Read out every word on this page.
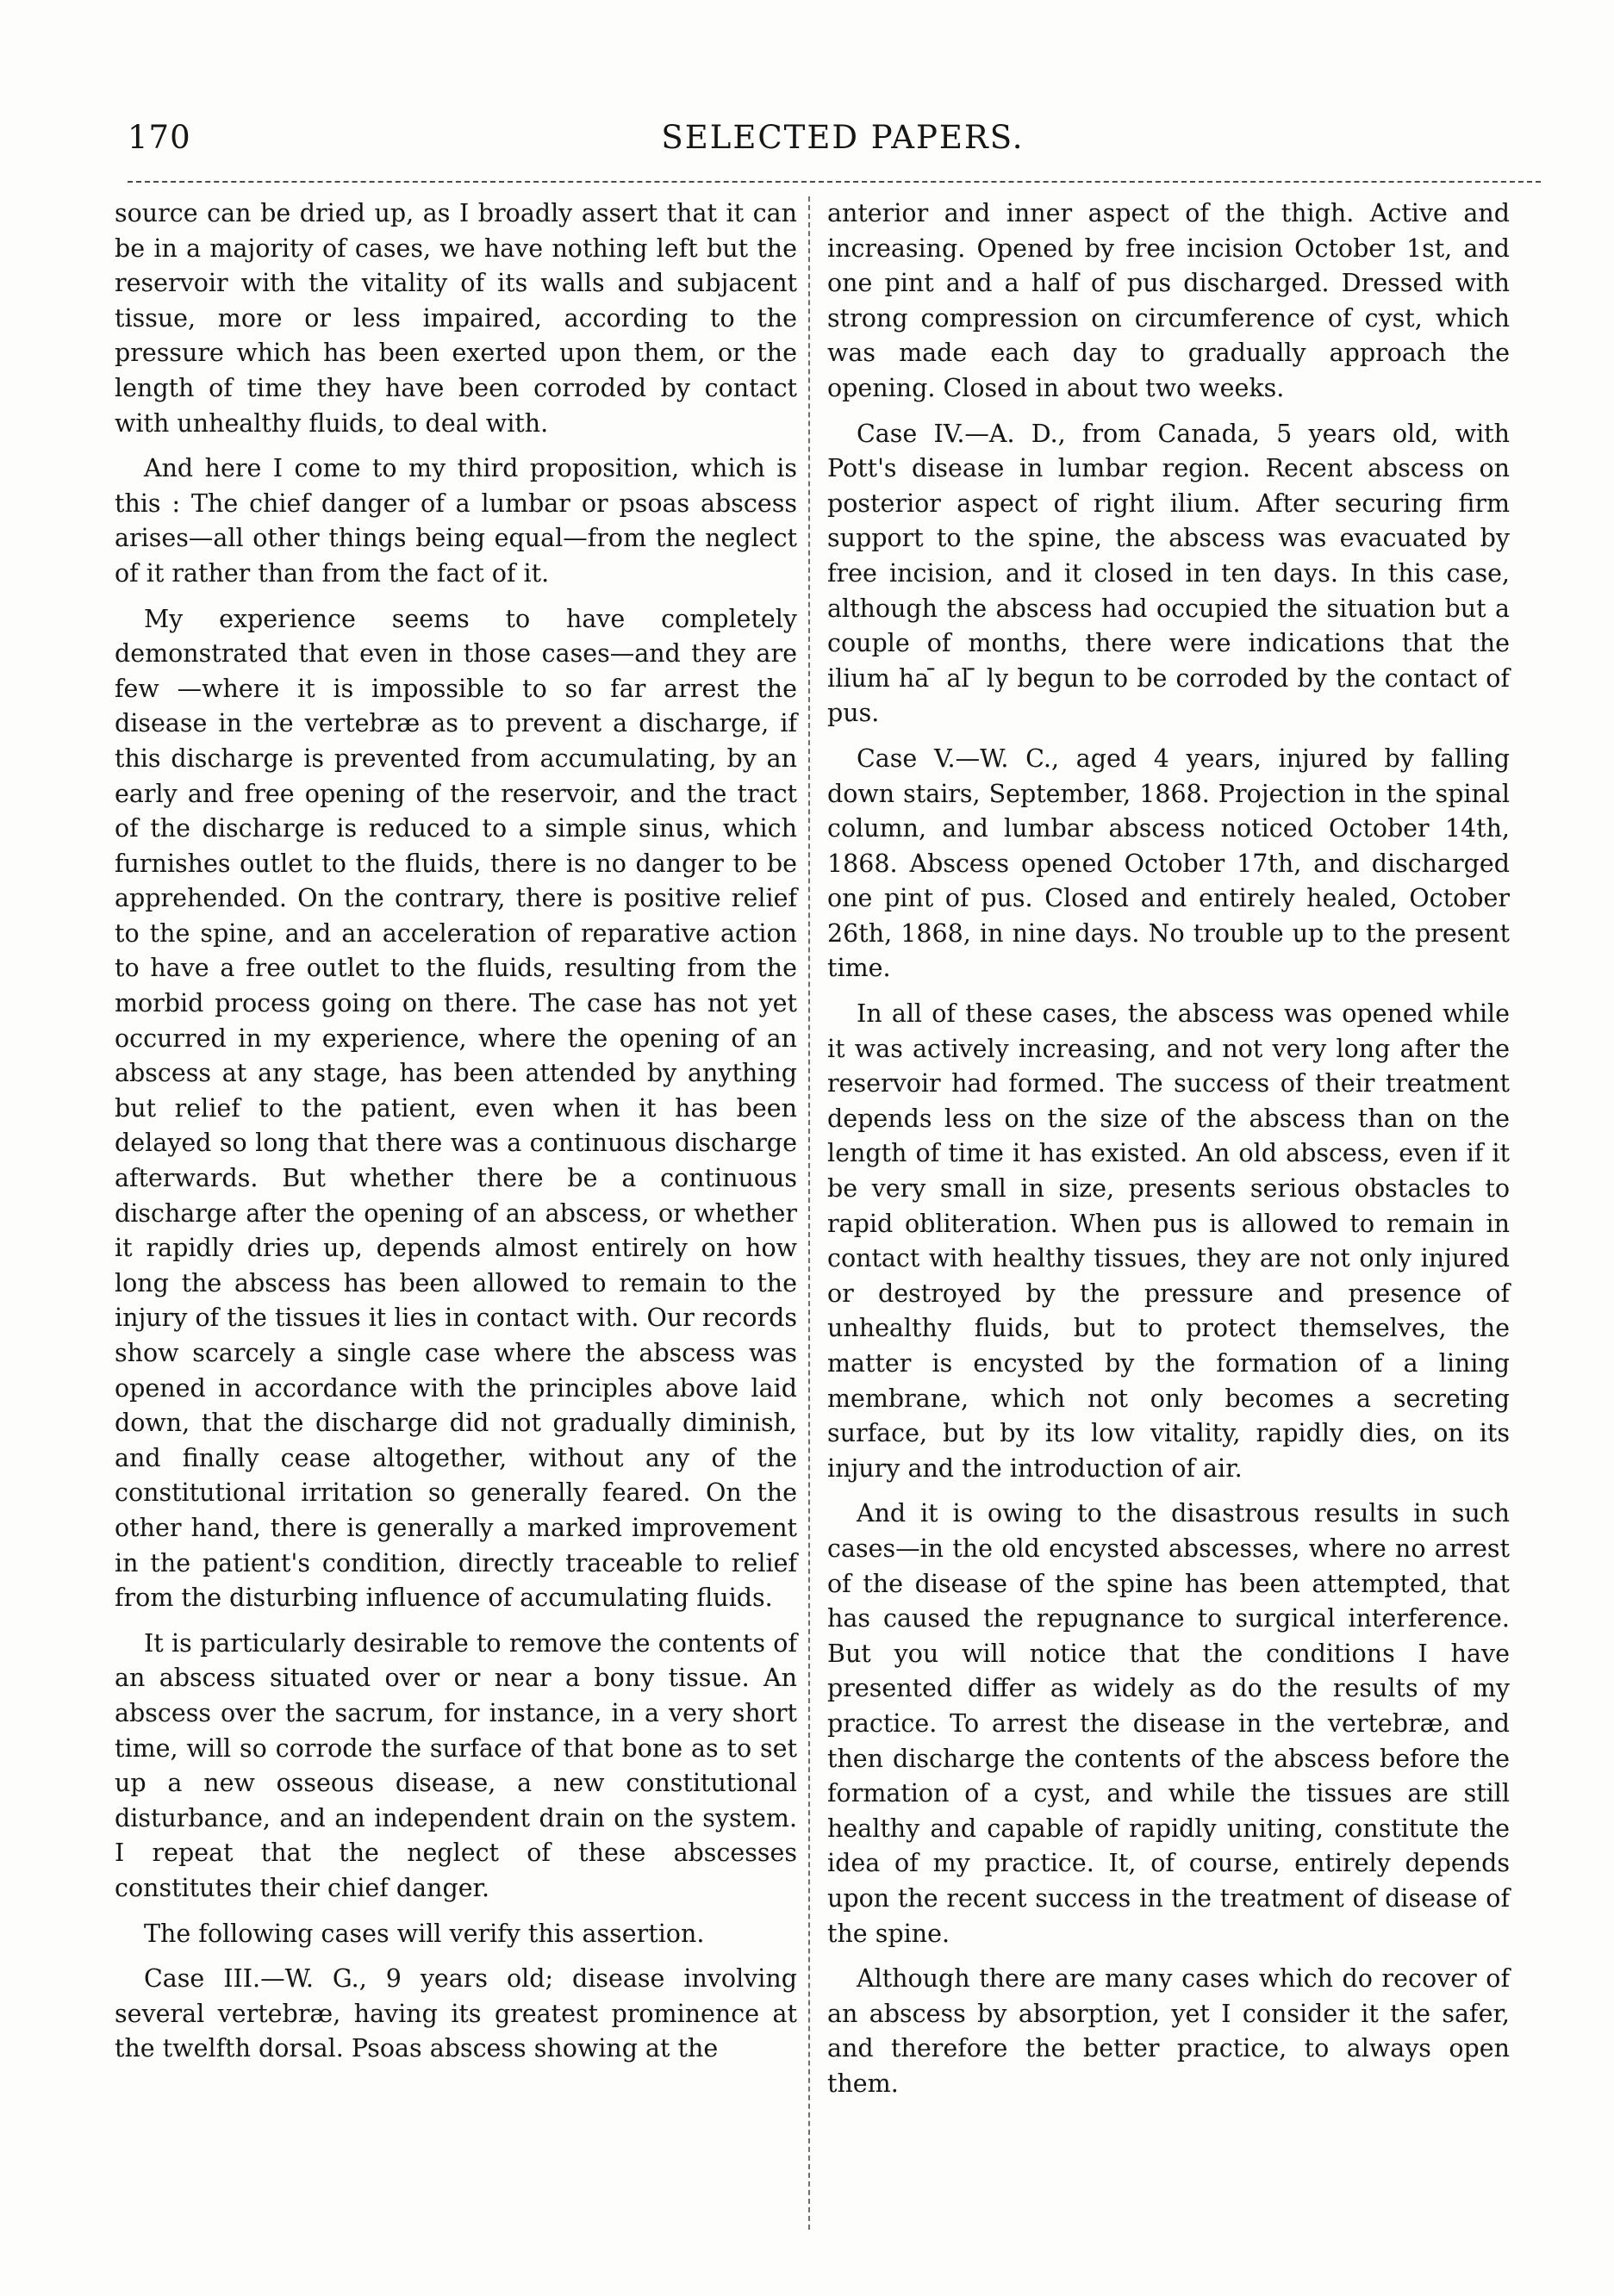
170	SELECTED PAPERS.

source can be dried up, as I broadly assert that it can be in a majority of cases, we have nothing left but the reservoir with the vitality of its walls and subjacent tissue, more or less impaired, according to the pressure which has been exerted upon them, or the length of time they have been corroded by contact with unhealthy fluids, to deal with.

And here I come to my third proposition, which is this : The chief danger of a lumbar or psoas abscess arises—all other things being equal—from the neglect of it rather than from the fact of it.

My experience seems to have completely demonstrated that even in those cases—and they are few —where it is impossible to so far arrest the disease in the vertebræ as to prevent a discharge, if this discharge is prevented from accumulating, by an early and free opening of the reservoir, and the tract of the discharge is reduced to a simple sinus, which furnishes outlet to the fluids, there is no danger to be apprehended. On the contrary, there is positive relief to the spine, and an acceleration of reparative action to have a free outlet to the fluids, resulting from the morbid process going on there. The case has not yet occurred in my experience, where the opening of an abscess at any stage, has been attended by anything but relief to the patient, even when it has been delayed so long that there was a continuous discharge afterwards. But whether there be a continuous discharge after the opening of an abscess, or whether it rapidly dries up, depends almost entirely on how long the abscess has been allowed to remain to the injury of the tissues it lies in contact with. Our records show scarcely a single case where the abscess was opened in accordance with the principles above laid down, that the discharge did not gradually diminish, and finally cease altogether, without any of the constitutional irritation so generally feared. On the other hand, there is generally a marked improvement in the patient's condition, directly traceable to relief from the disturbing influence of accumulating fluids.

It is particularly desirable to remove the contents of an abscess situated over or near a bony tissue. An abscess over the sacrum, for instance, in a very short time, will so corrode the surface of that bone as to set up a new osseous disease, a new constitutional disturbance, and an independent drain on the system. I repeat that the neglect of these abscesses constitutes their chief danger.

The following cases will verify this assertion.

Case III.—W. G., 9 years old; disease involving several vertebræ, having its greatest prominence at the twelfth dorsal. Psoas abscess showing at the

anterior and inner aspect of the thigh. Active and increasing. Opened by free incision October 1st, and one pint and a half of pus discharged. Dressed with strong compression on circumference of cyst, which was made each day to gradually approach the opening. Closed in about two weeks.

Case IV.—A. D., from Canada, 5 years old, with Pott's disease in lumbar region. Recent abscess on posterior aspect of right ilium. After securing firm support to the spine, the abscess was evacuated by free incision, and it closed in ten days. In this case, although the abscess had occupied the situation but a couple of months, there were indications that the ilium ha ̄ al ̄ ly begun to be corroded by the contact of pus.

Case V.—W. C., aged 4 years, injured by falling down stairs, September, 1868. Projection in the spinal column, and lumbar abscess noticed October 14th, 1868. Abscess opened October 17th, and discharged one pint of pus. Closed and entirely healed, October 26th, 1868, in nine days. No trouble up to the present time.

In all of these cases, the abscess was opened while it was actively increasing, and not very long after the reservoir had formed. The success of their treatment depends less on the size of the abscess than on the length of time it has existed. An old abscess, even if it be very small in size, presents serious obstacles to rapid obliteration. When pus is allowed to remain in contact with healthy tissues, they are not only injured or destroyed by the pressure and presence of unhealthy fluids, but to protect themselves, the matter is encysted by the formation of a lining membrane, which not only becomes a secreting surface, but by its low vitality, rapidly dies, on its injury and the introduction of air.

And it is owing to the disastrous results in such cases—in the old encysted abscesses, where no arrest of the disease of the spine has been attempted, that has caused the repugnance to surgical interference. But you will notice that the conditions I have presented differ as widely as do the results of my practice. To arrest the disease in the vertebræ, and then discharge the contents of the abscess before the formation of a cyst, and while the tissues are still healthy and capable of rapidly uniting, constitute the idea of my practice. It, of course, entirely depends upon the recent success in the treatment of disease of the spine.

Although there are many cases which do recover of an abscess by absorption, yet I consider it the safer, and therefore the better practice, to always open them.
